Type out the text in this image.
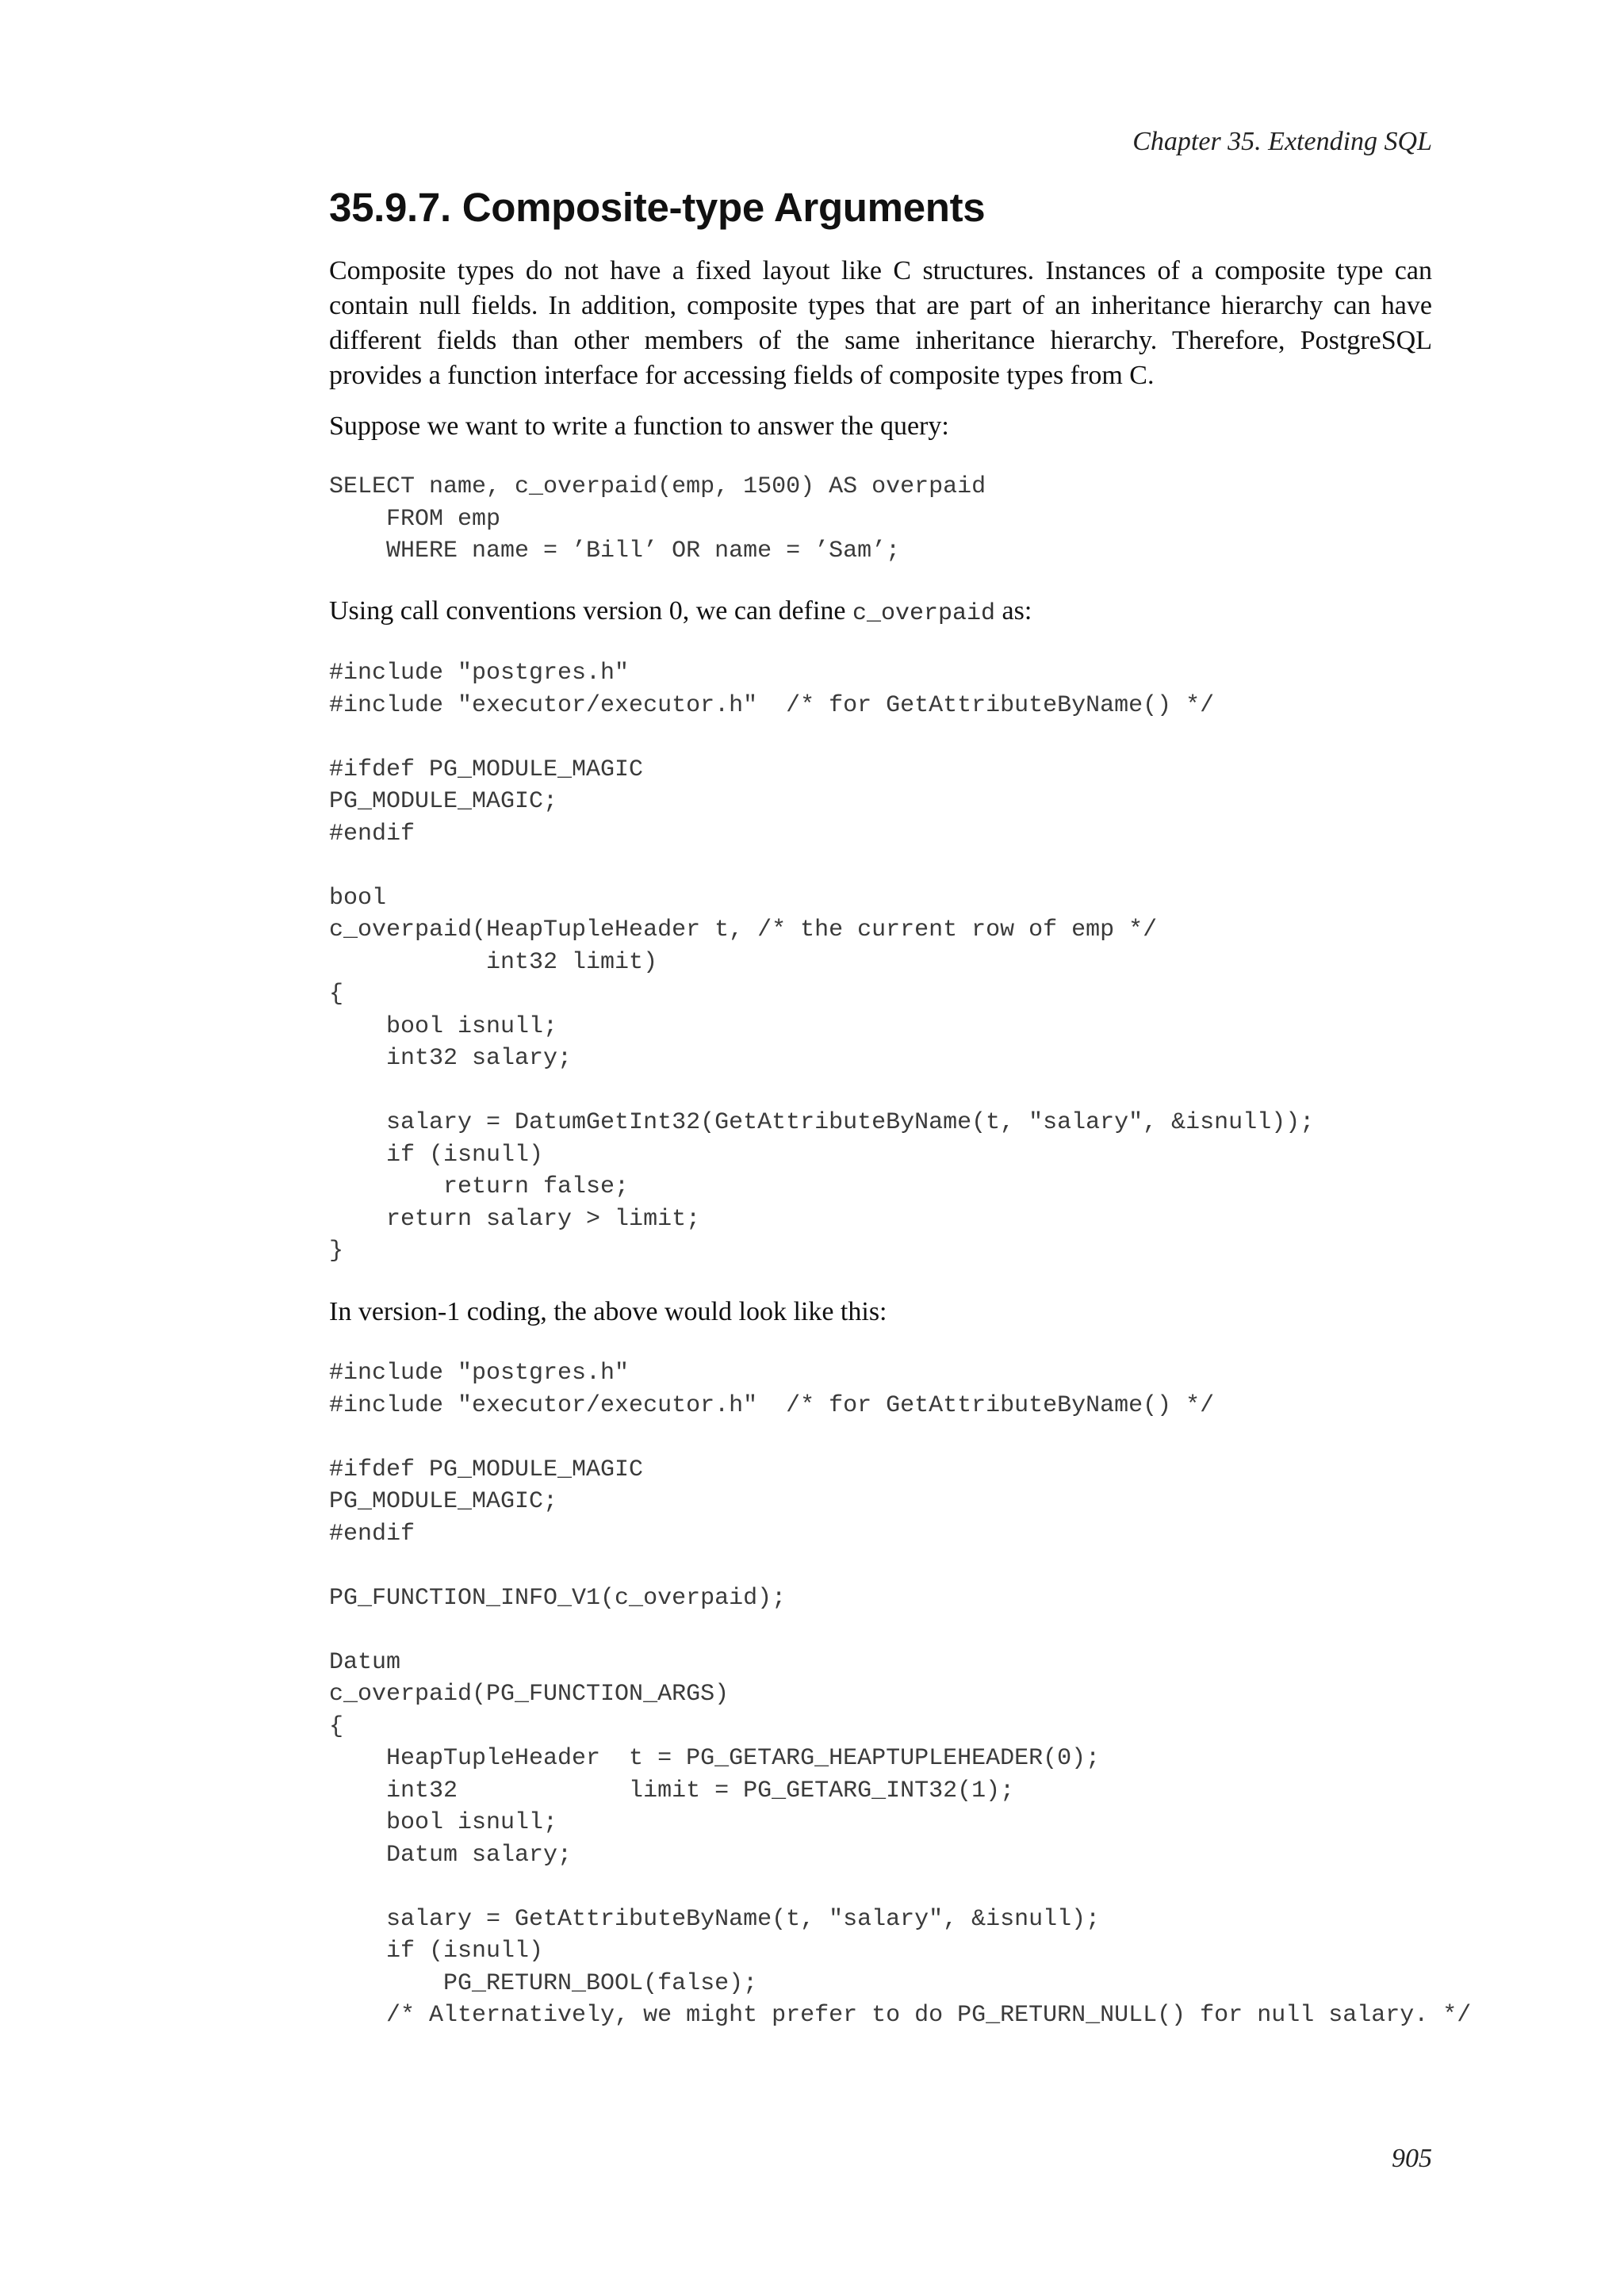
Chapter 35. Extending SQL
35.9.7. Composite-type Arguments

Composite types do not have a fixed layout like C structures. Instances of a composite type can contain null fields. In addition, composite types that are part of an inheritance hierarchy can have different fields than other members of the same inheritance hierarchy. Therefore, PostgreSQL provides a function interface for accessing fields of composite types from C.

Suppose we want to write a function to answer the query:

SELECT name, c_overpaid(emp, 1500) AS overpaid
FROM emp
WHERE name = ’Bill’ OR name = ’Sam’;

Using call conventions version 0, we can define c_overpaid as:

#include "postgres.h"
#include "executor/executor.h"  /* for GetAttributeByName() */

#ifdef PG_MODULE_MAGIC
PG_MODULE_MAGIC;
#endif

bool
c_overpaid(HeapTupleHeader t, /* the current row of emp */
int32 limit)
{
bool isnull;
int32 salary;

salary = DatumGetInt32(GetAttributeByName(t, "salary", &isnull));
if (isnull)
return false;
return salary > limit;
}

In version-1 coding, the above would look like this:

#include "postgres.h"
#include "executor/executor.h"  /* for GetAttributeByName() */

#ifdef PG_MODULE_MAGIC
PG_MODULE_MAGIC;
#endif

PG_FUNCTION_INFO_V1(c_overpaid);

Datum
c_overpaid(PG_FUNCTION_ARGS)
{
HeapTupleHeader  t = PG_GETARG_HEAPTUPLEHEADER(0);
int32            limit = PG_GETARG_INT32(1);
bool isnull;
Datum salary;

salary = GetAttributeByName(t, "salary", &isnull);
if (isnull)
PG_RETURN_BOOL(false);
/* Alternatively, we might prefer to do PG_RETURN_NULL() for null salary. */
905
